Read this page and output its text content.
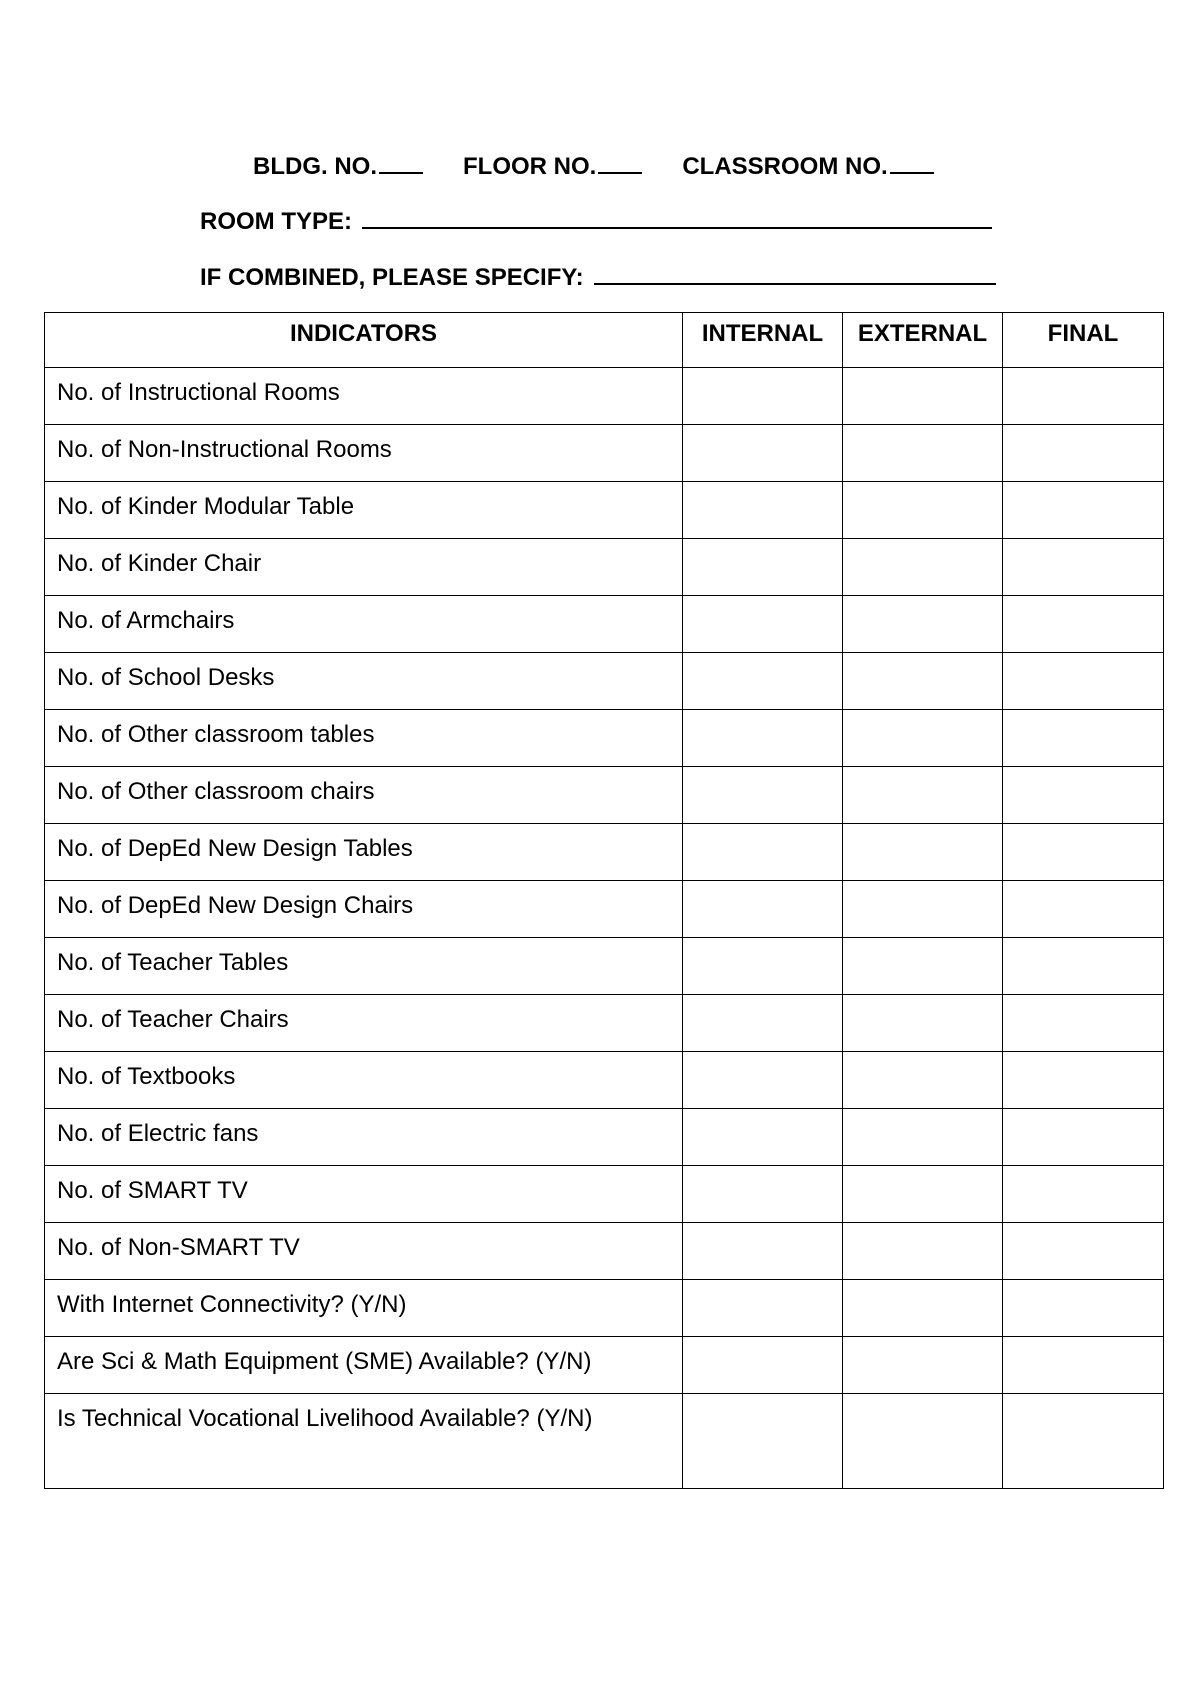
BLDG. NO.	FLOOR NO.	CLASSROOM NO.
ROOM TYPE:
IF COMBINED, PLEASE SPECIFY:
INDICATORS	INTERNAL	EXTERNAL	FINAL
No. of Instructional Rooms			
No. of Non-Instructional Rooms			
No. of Kinder Modular Table			
No. of Kinder Chair			
No. of Armchairs			
No. of School Desks			
No. of Other classroom tables			
No. of Other classroom chairs			
No. of DepEd New Design Tables			
No. of DepEd New Design Chairs			
No. of Teacher Tables			
No. of Teacher Chairs			
No. of Textbooks			
No. of Electric fans			
No. of SMART TV			
No. of Non-SMART TV			
With Internet Connectivity? (Y/N)			
Are Sci & Math Equipment (SME) Available? (Y/N)			
Is Technical Vocational Livelihood Available? (Y/N)			
